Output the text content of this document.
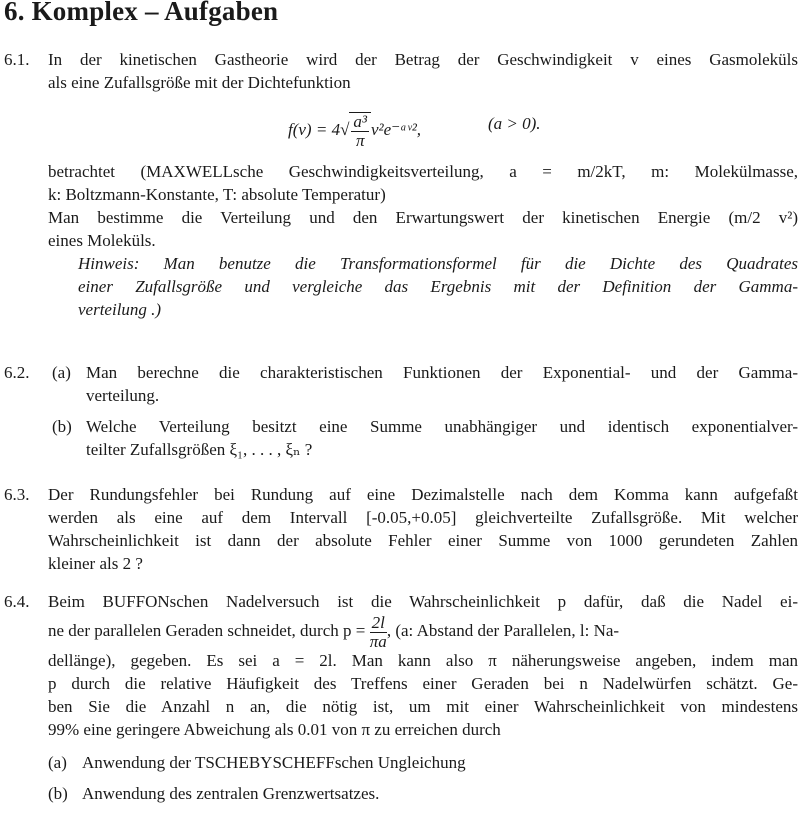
6. Komplex – Aufgaben
6.1. In der kinetischen Gastheorie wird der Betrag der Geschwindigkeit v eines Gasmoleküls
als eine Zufallsgröße mit der Dichtefunktion
$f(v) = 4√ \frac{\text{a³}}{\pi}$ v²e⁻ᵃᵛ²,	(a > 0).
betrachtet (MAXWELLsche Geschwindigkeitsverteilung, a = m/2kT, m: Molekülmasse,
k: Boltzmann-Konstante, T: absolute Temperatur)
Man bestimme die Verteilung und den Erwartungswert der kinetischen Energie (m/2 v²)
eines Moleküls.
Hinweis: Man benutze die Transformationsformel für die Dichte des Quadrates
einer Zufallsgröße und vergleiche das Ergebnis mit der Definition der Gamma-
verteilung .)
6.2. (a) Man berechne die charakteristischen Funktionen der Exponential- und der Gamma-
verteilung.
(b) Welche Verteilung besitzt eine Summe unabhängiger und identisch exponentialver-
teilter Zufallsgrößen ξ₁, . . . , ξₙ ?
6.3. Der Rundungsfehler bei Rundung auf eine Dezimalstelle nach dem Komma kann aufgefaßt
werden als eine auf dem Intervall [-0.05,+0.05] gleichverteilte Zufallsgröße. Mit welcher
Wahrscheinlichkeit ist dann der absolute Fehler einer Summe von 1000 gerundeten Zahlen
kleiner als 2 ?
6.4. Beim BUFFONschen Nadelversuch ist die Wahrscheinlichkeit p dafür, daß die Nadel ei-
ne der parallelen Geraden schneidet, durch $p = \frac{2l}{\pi a}$ , (a: Abstand der Parallelen, l: Na-
dellänge), gegeben. Es sei a = 2l. Man kann also π näherungsweise angeben, indem man
p durch die relative Häufigkeit des Treffens einer Geraden bei n Nadelwürfen schätzt. Ge-
ben Sie die Anzahl n an, die nötig ist, um mit einer Wahrscheinlichkeit von mindestens
99% eine geringere Abweichung als 0.01 von π zu erreichen durch
(a) Anwendung der TSCHEBYSCHEFFschen Ungleichung
(b) Anwendung des zentralen Grenzwertsatzes.
